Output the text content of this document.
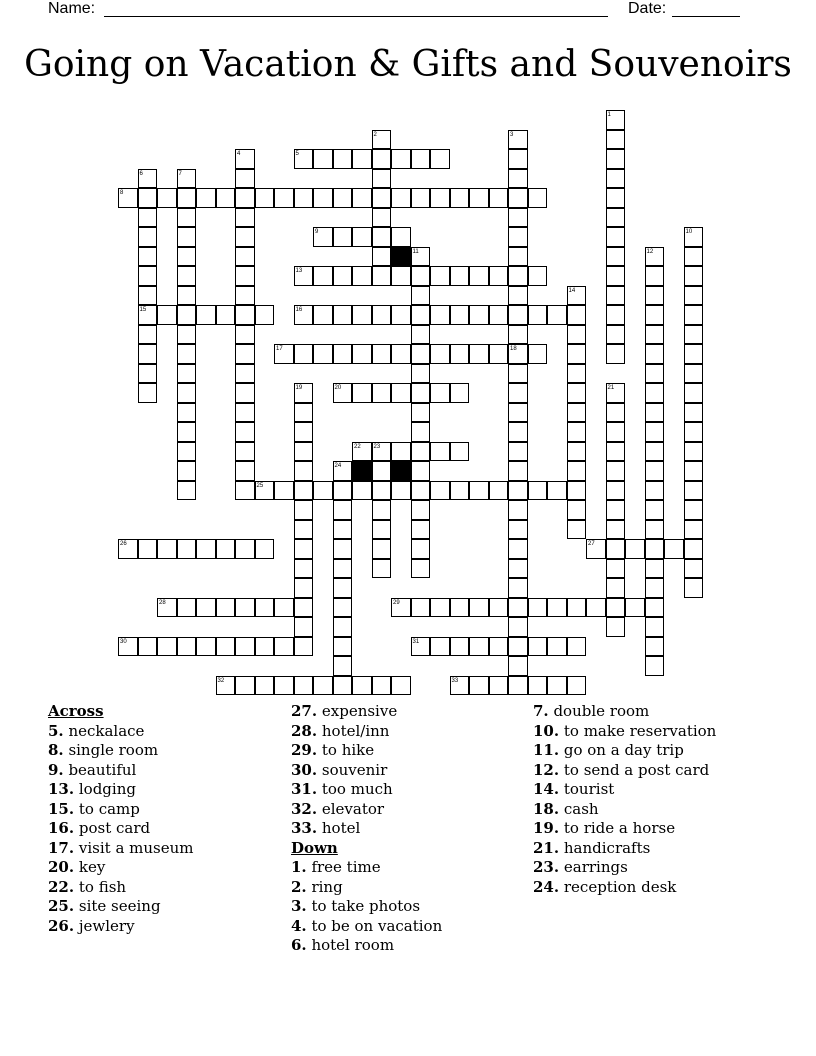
Name:	Date:
Going on Vacation & Gifts and Souvenoirs
5
8
9
13
15	16
17
20
22
25
26	27
28	29
30	31
32	33
1
2	3
4
6	7
10
11	12
14
18
19	21
23
24
Across
5. neckalace
8. single room
9. beautiful
13. lodging
15. to camp
16. post card
17. visit a museum
20. key
22. to fish
25. site seeing
26. jewlery
27. expensive
28. hotel/inn
29. to hike
30. souvenir
31. too much
32. elevator
33. hotel
Down
1. free time
2. ring
3. to take photos
4. to be on vacation
6. hotel room
7. double room
10. to make reservation
11. go on a day trip
12. to send a post card
14. tourist
18. cash
19. to ride a horse
21. handicrafts
23. earrings
24. reception desk
